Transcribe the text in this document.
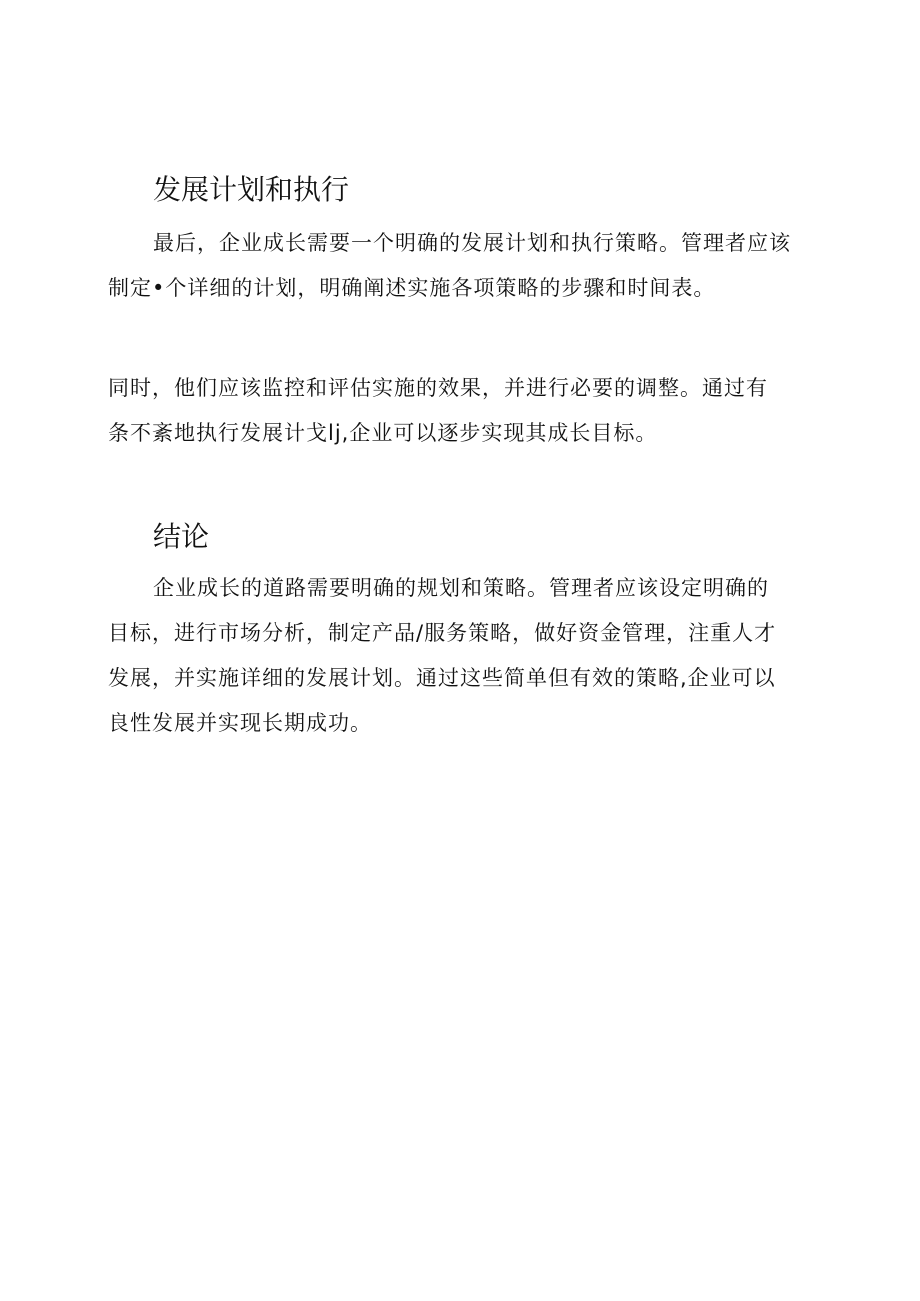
发展计划和执行

最后，企业成长需要一个明确的发展计划和执行策略。管理者应该
制定•个详细的计划，明确阐述实施各项策略的步骤和时间表。

同时，他们应该监控和评估实施的效果，并进行必要的调整。通过有
条不紊地执行发展计戈lj,企业可以逐步实现其成长目标。

结论

企业成长的道路需要明确的规划和策略。管理者应该设定明确的
目标，进行市场分析，制定产品/服务策略，做好资金管理，注重人才
发展，并实施详细的发展计划。通过这些简单但有效的策略,企业可以
良性发展并实现长期成功。
